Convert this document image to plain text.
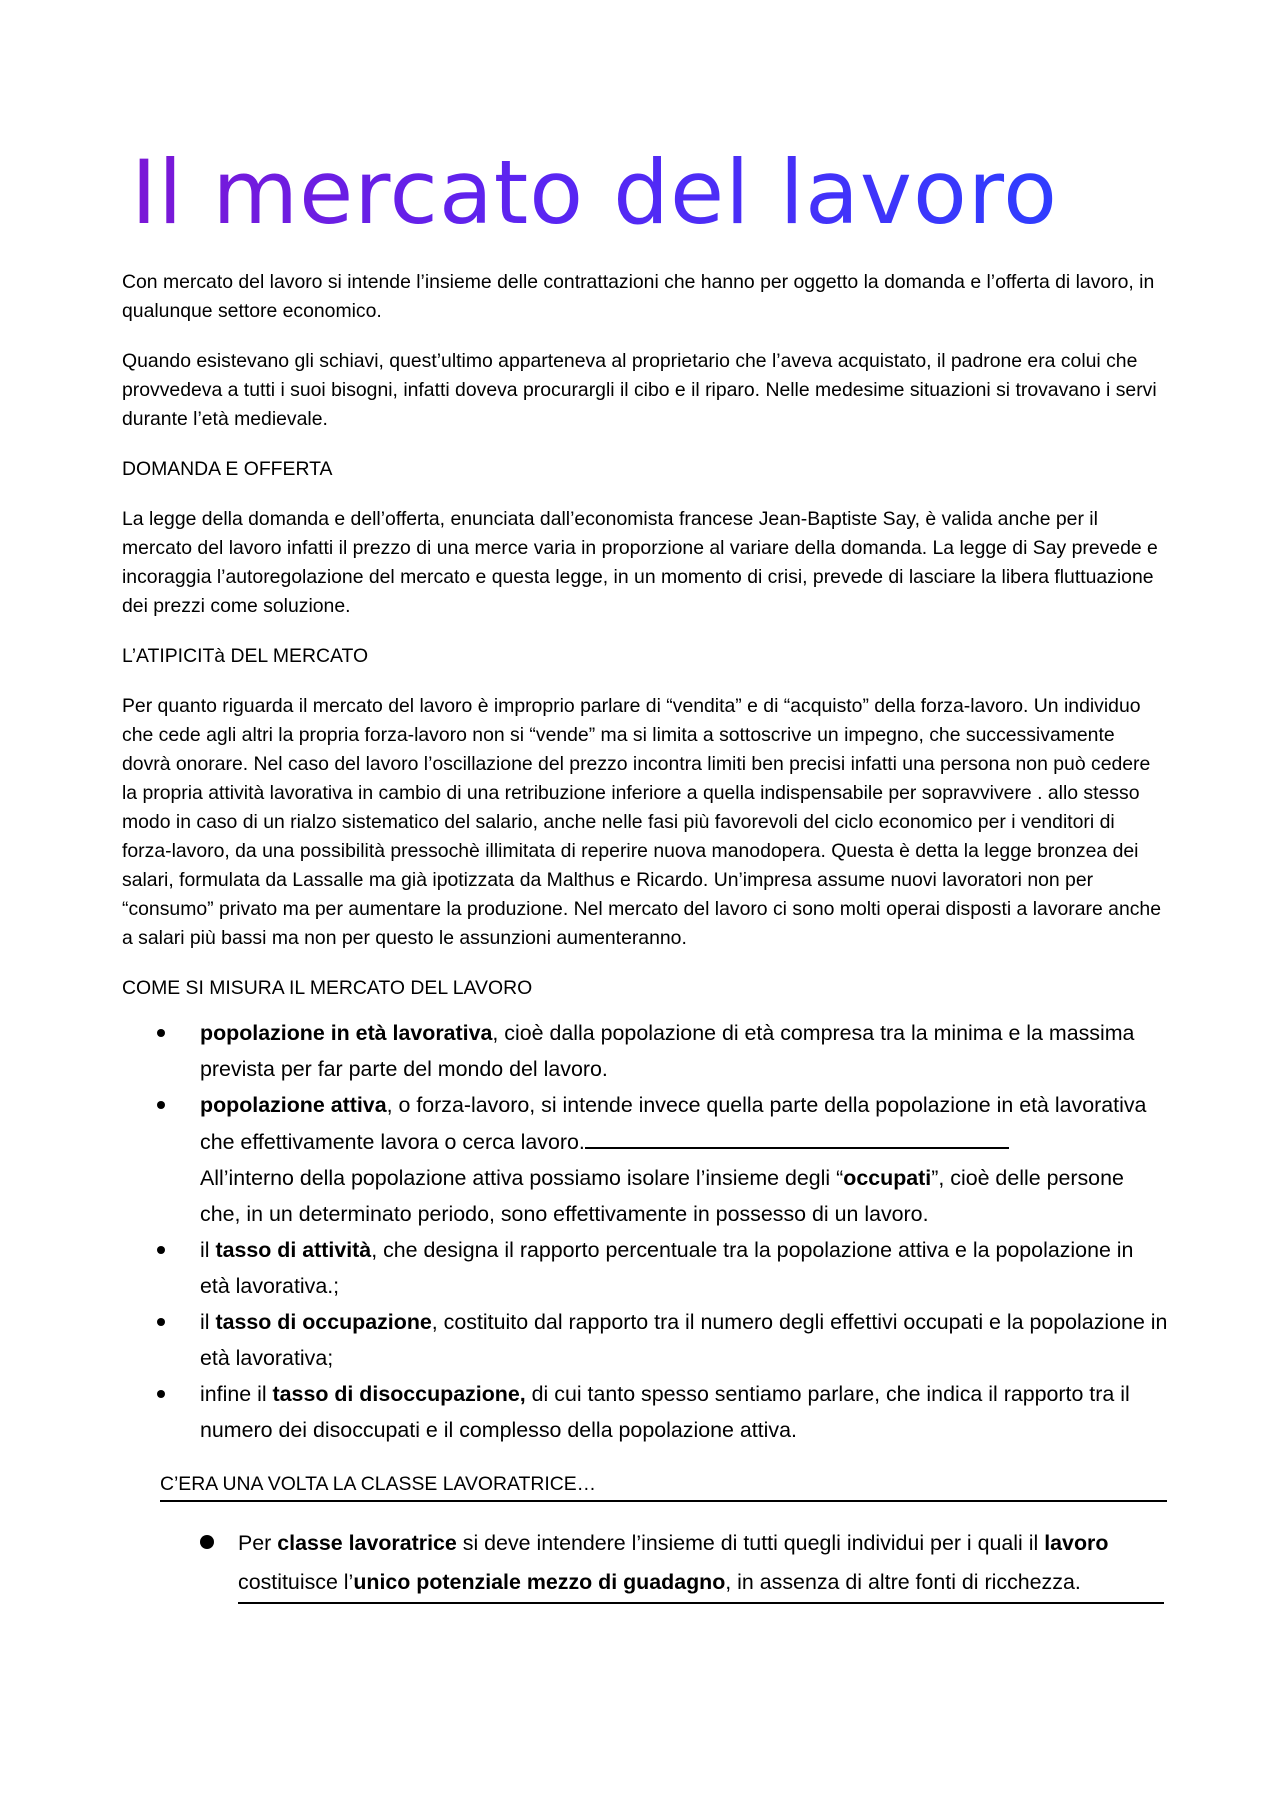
Il mercato del lavoro

Con mercato del lavoro si intende l’insieme delle contrattazioni che hanno per oggetto la domanda e l’offerta di lavoro, in qualunque settore economico.

Quando esistevano gli schiavi, quest’ultimo apparteneva al proprietario che l’aveva acquistato, il padrone era colui che provvedeva a tutti i suoi bisogni, infatti doveva procurargli il cibo e il riparo. Nelle medesime situazioni si trovavano i servi durante l’età medievale.

DOMANDA E OFFERTA

La legge della domanda e dell’offerta, enunciata dall’economista francese Jean-Baptiste Say, è valida anche per il mercato del lavoro infatti il prezzo di una merce varia in proporzione al variare della domanda. La legge di Say prevede e incoraggia l’autoregolazione del mercato e questa legge, in un momento di crisi, prevede di lasciare la libera fluttuazione dei prezzi come soluzione.

L’ATIPICITà DEL MERCATO

Per quanto riguarda il mercato del lavoro è improprio parlare di “vendita” e di “acquisto” della forza-lavoro. Un individuo che cede agli altri la propria forza-lavoro non si “vende” ma si limita a sottoscrive un impegno, che successivamente dovrà onorare. Nel caso del lavoro l’oscillazione del prezzo incontra limiti ben precisi infatti una persona non può cedere la propria attività lavorativa in cambio di una retribuzione inferiore a quella indispensabile per sopravvivere . allo stesso modo in caso di un rialzo sistematico del salario, anche nelle fasi più favorevoli del ciclo economico per i venditori di forza-lavoro, da una possibilità pressochè illimitata di reperire nuova manodopera. Questa è detta la legge bronzea dei salari, formulata da Lassalle ma già ipotizzata da Malthus e Ricardo. Un’impresa assume nuovi lavoratori non per “consumo” privato ma per aumentare la produzione. Nel mercato del lavoro ci sono molti operai disposti a lavorare anche a salari più bassi ma non per questo le assunzioni aumenteranno.

COME SI MISURA IL MERCATO DEL LAVORO

popolazione in età lavorativa, cioè dalla popolazione di età compresa tra la minima e la massima prevista per far parte del mondo del lavoro.
popolazione attiva, o forza-lavoro, si intende invece quella parte della popolazione in età lavorativa che effettivamente lavora o cerca lavoro.
All’interno della popolazione attiva possiamo isolare l’insieme degli “occupati”, cioè delle persone che, in un determinato periodo, sono effettivamente in possesso di un lavoro.
il tasso di attività, che designa il rapporto percentuale tra la popolazione attiva e la popolazione in età lavorativa.;
il tasso di occupazione, costituito dal rapporto tra il numero degli effettivi occupati e la popolazione in età lavorativa;
infine il tasso di disoccupazione, di cui tanto spesso sentiamo parlare, che indica il rapporto tra il numero dei disoccupati e il complesso della popolazione attiva.
C’ERA UNA VOLTA LA CLASSE LAVORATRICE…
Per classe lavoratrice si deve intendere l’insieme di tutti quegli individui per i quali il lavoro costituisce l’unico potenziale mezzo di guadagno, in assenza di altre fonti di ricchezza.
